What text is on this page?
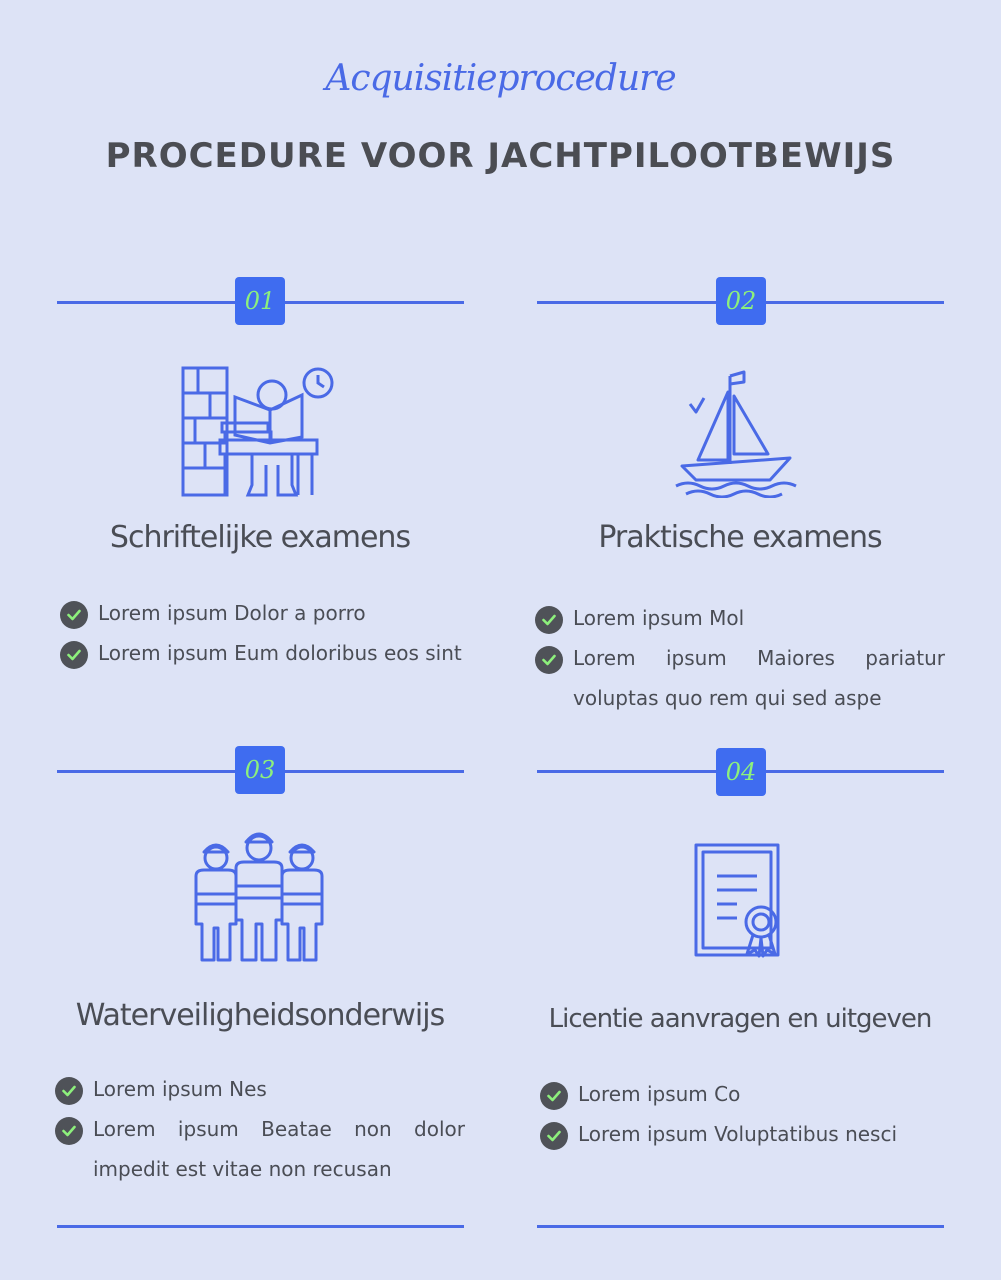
Acquisitieprocedure
PROCEDURE VOOR JACHTPILOOTBEWIJS
01
Schriftelijke examens
Lorem ipsum Dolor a porro
Lorem ipsum Eum doloribus eos sint
02
Praktische examens
Lorem ipsum Mol
Lorem ipsum Maiores pariatur voluptas quo rem qui sed aspe
03
Waterveiligheidsonderwijs
Lorem ipsum Nes
Lorem ipsum Beatae non dolor impedit est vitae non recusan
04
Licentie aanvragen en uitgeven
Lorem ipsum Co
Lorem ipsum Voluptatibus nesci
